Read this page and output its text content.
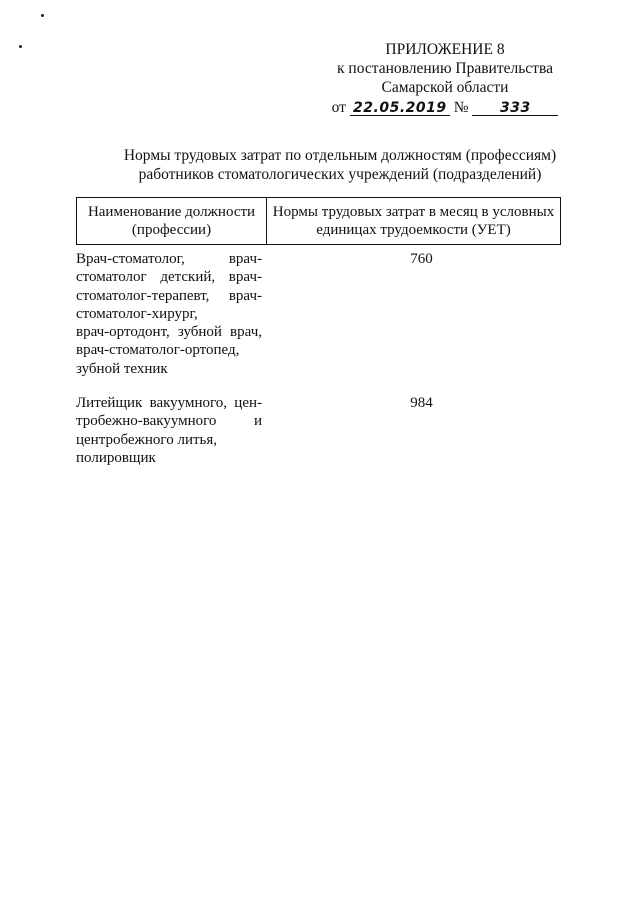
ПРИЛОЖЕНИЕ 8
к постановлению Правительства
Самарской области
от 22.05.2019 № 333
Нормы трудовых затрат по отдельным должностям (профессиям)
работников стоматологических учреждений (подразделений)
Наименование должности
(профессии)
Нормы трудовых затрат в месяц в условных
единицах трудоемкости (УЕТ)
Врач-стоматолог, врач-
стоматолог детский, врач-
стоматолог-терапевт, врач-
стоматолог-хирург,
врач-ортодонт, зубной врач,
врач-стоматолог-ортопед,
зубной техник
760
Литейщик вакуумного, цен-
тробежно-вакуумного и
центробежного литья,
полировщик
984
